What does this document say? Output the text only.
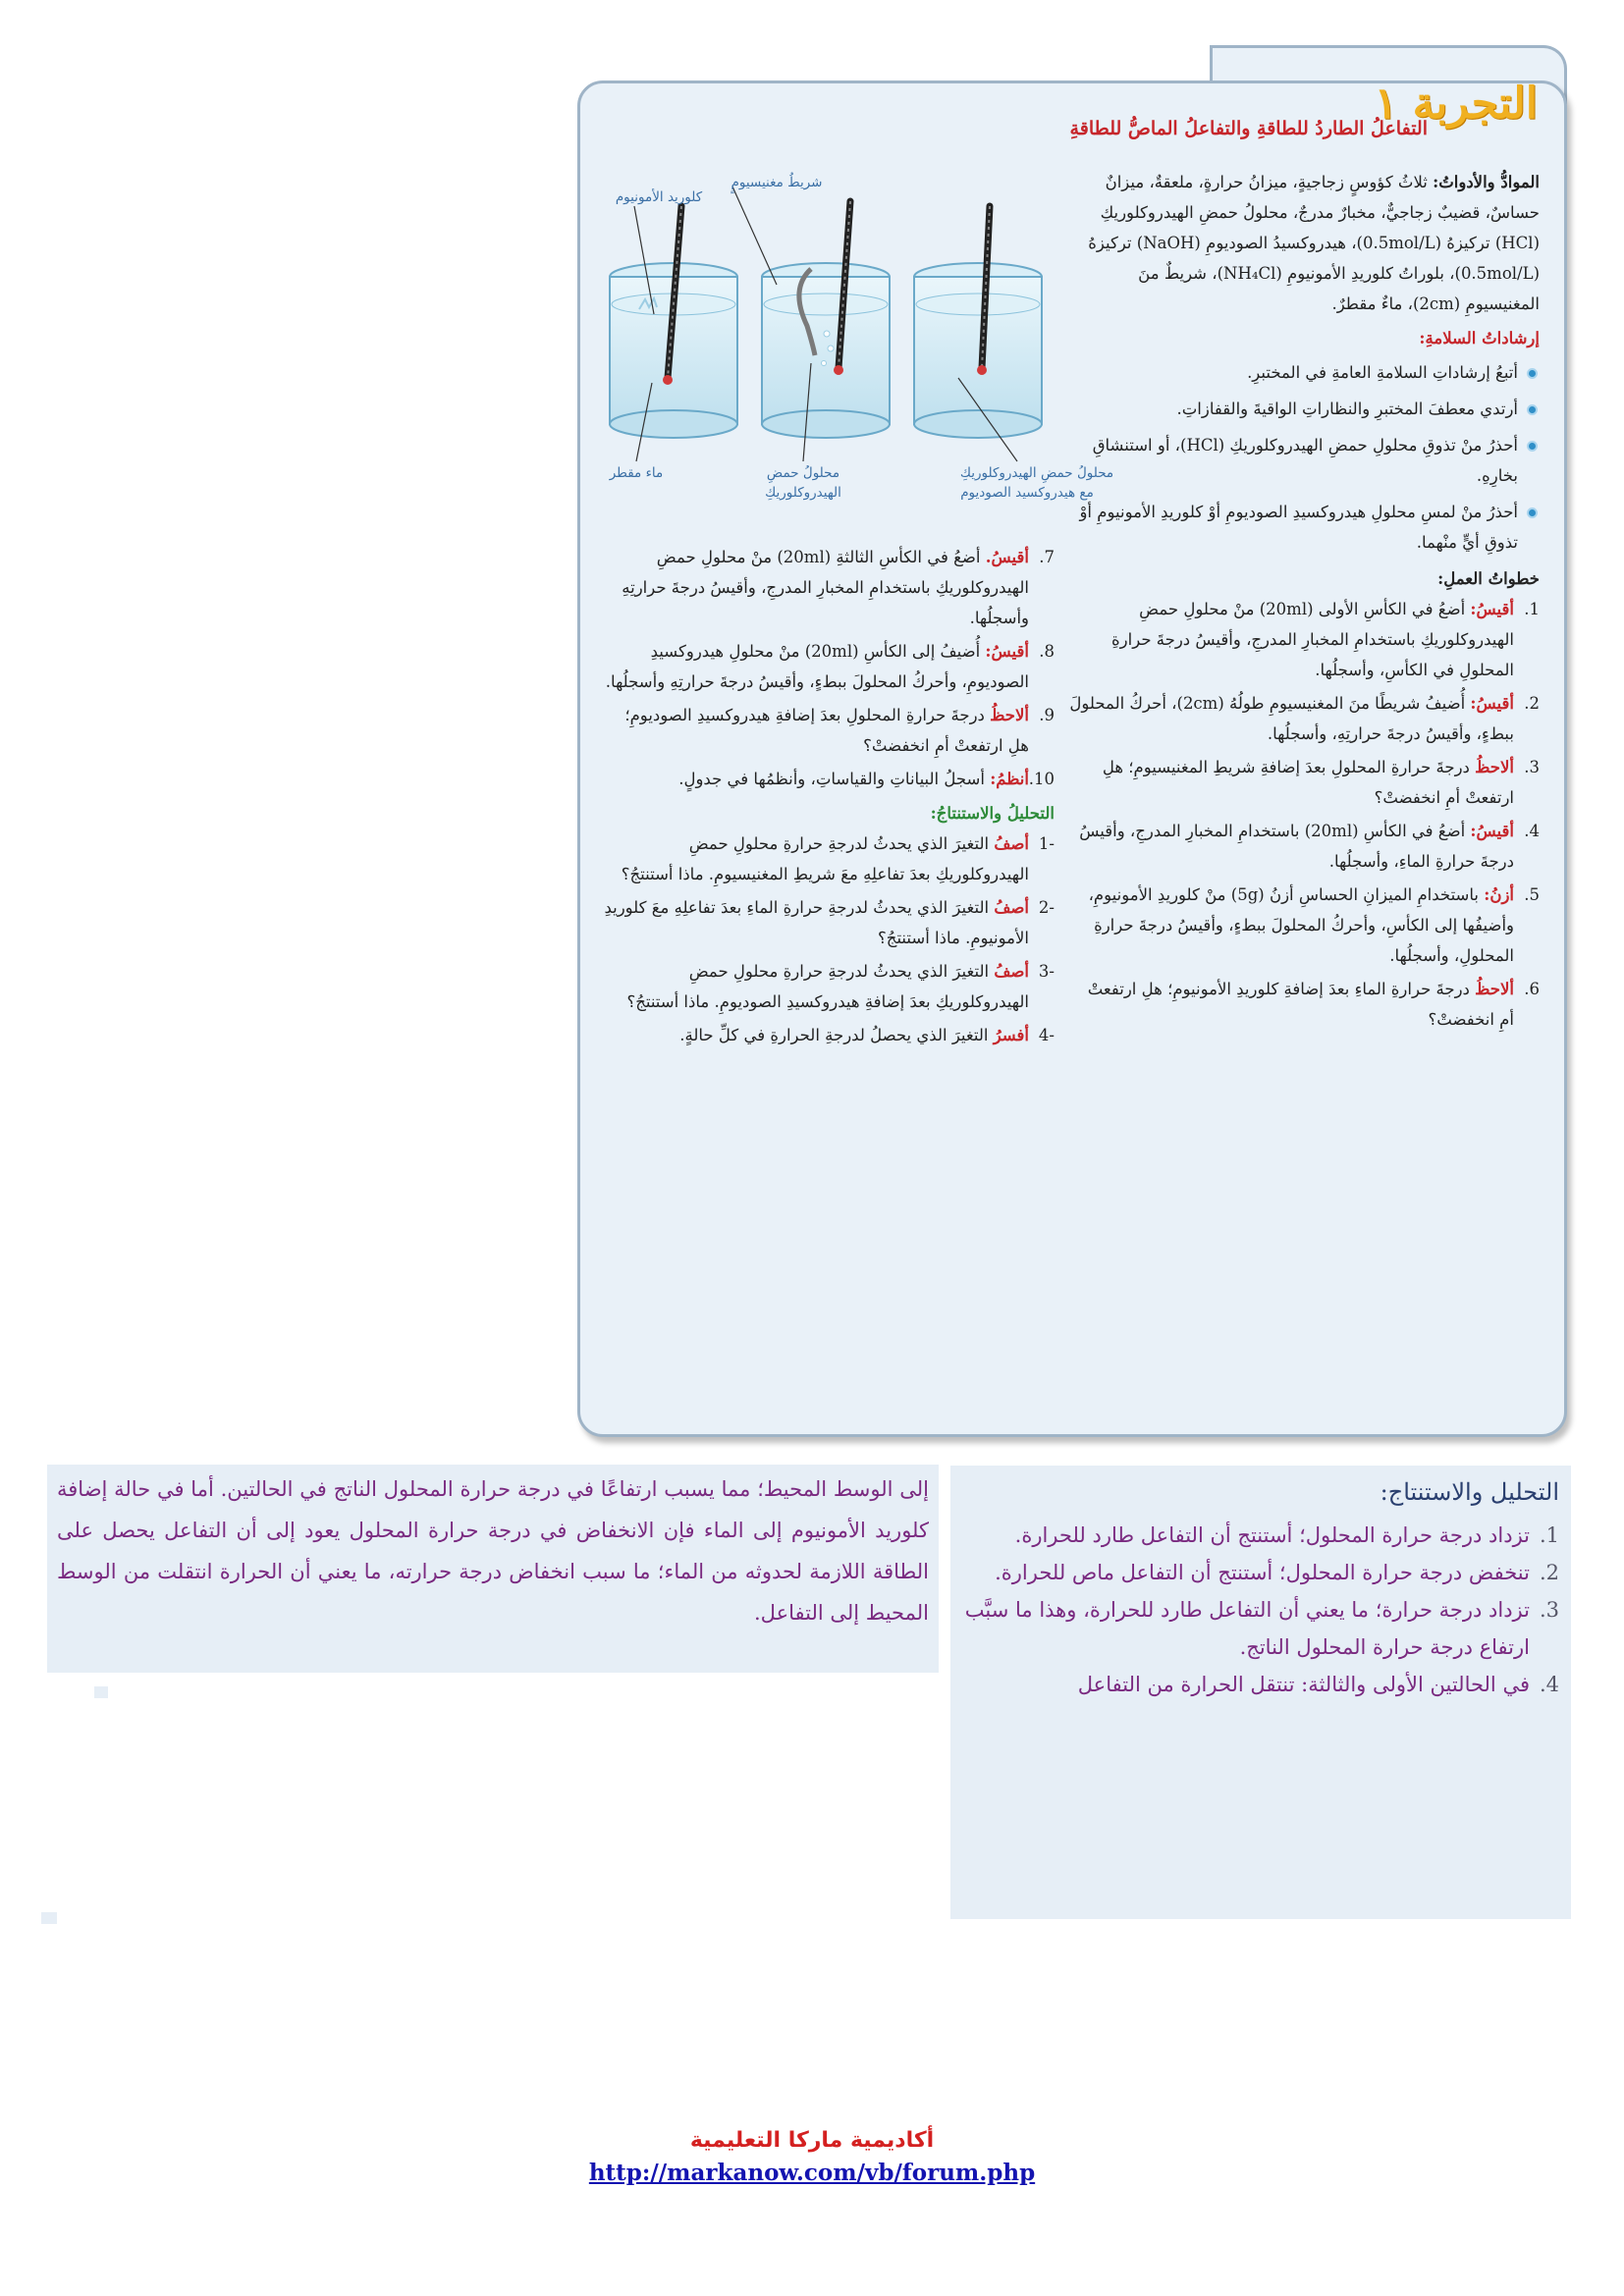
التجربة ١
التفاعلُ الطاردُ للطاقةِ والتفاعلُ الماصُّ للطاقةِ
كلوريد الأمونيوم
شريطُ مغنيسيومٍ
ماء مقطر	محلولُ حمضِ
الهيدروكلوريكِ
محلولُ حمضِ الهيدروكلوريكِ
مع هيدروكسيد الصوديوم
الموادُّ والأدواتُ: ثلاثُ كؤوسٍ زجاجيةٍ، ميزانُ حرارةٍ، ملعقةٌ، ميزانٌ حساسٌ، قضيبٌ زجاجيٌّ، مخبارٌ مدرجٌ، محلولُ حمضِ الهيدروكلوريكِ (HCl) تركيزهُ (0.5mol/L)، هيدروكسيدُ الصوديومِ (NaOH) تركيزهُ (0.5mol/L)، بلوراتُ كلوريدِ الأمونيومِ (NH₄Cl)، شريطٌ منَ المغنيسيومِ (2cm)، ماءٌ مقطرٌ.
إرشاداتُ السلامةِ:
أتبعُ إرشاداتِ السلامةِ العامةِ في المختبرِ.
أرتدي معطفَ المختبرِ والنظاراتِ الواقيةَ والقفازاتِ.
أحذرُ منْ تذوقِ محلولِ حمضِ الهيدروكلوريكِ (HCl)، أو استنشاقِ بخارِهِ.
أحذرُ منْ لمسِ محلولِ هيدروكسيدِ الصوديومِ أوْ كلوريدِ الأمونيومِ أوْ تذوقِ أيٍّ منْهما.
خطواتُ العملِ:
1.
أقيسُ: أضعُ في الكأسِ الأولى (20ml) منْ محلولِ حمضِ الهيدروكلوريكِ باستخدامِ المخبارِ المدرجِ، وأقيسُ درجةَ حرارةِ المحلولِ في الكأسِ، وأسجلُها.
2.
أقيسُ: أُضيفُ شريطًا منَ المغنيسيومِ طولُهُ (2cm)، أحركُ المحلولَ ببطءٍ، وأقيسُ درجةَ حرارتِهِ، وأسجلُها.
3.
ألاحظُ درجةَ حرارةِ المحلولِ بعدَ إضافةِ شريطِ المغنيسيومِ؛ هلِ ارتفعتْ أمِ انخفضتْ؟
4.
أقيسُ: أضعُ في الكأسِ (20ml) باستخدامِ المخبارِ المدرجِ، وأقيسُ درجةَ حرارةِ الماءِ، وأسجلُها.
5.
أزنُ: باستخدامِ الميزانِ الحساسِ أزنُ (5g) منْ كلوريدِ الأمونيومِ، وأضيفُها إلى الكأسِ، وأحركُ المحلولَ ببطءٍ، وأقيسُ درجةَ حرارةِ المحلولِ، وأسجلُها.
6.
ألاحظُ درجةَ حرارةِ الماءِ بعدَ إضافةِ كلوريدِ الأمونيومِ؛ هلِ ارتفعتْ أمِ انخفضتْ؟
7.
أقيسُ. أضعُ في الكأسِ الثالثةِ (20ml) منْ محلولِ حمضِ الهيدروكلوريكِ باستخدامِ المخبارِ المدرجِ، وأقيسُ درجةَ حرارتِهِ وأسجلُها.
8.
أقيسُ: أُضيفُ إلى الكأسِ (20ml) منْ محلولِ هيدروكسيدِ الصوديومِ، وأحركُ المحلولَ ببطءٍ، وأقيسُ درجةَ حرارتِهِ وأسجلُها.
9.
ألاحظُ درجةَ حرارةِ المحلولِ بعدَ إضافةِ هيدروكسيدِ الصوديومِ؛ هلِ ارتفعتْ أمِ انخفضتْ؟
10.
أنظمُ: أسجلُ البياناتِ والقياساتِ، وأنظمُها في جدولٍ.
التحليلُ والاستنتاجُ:
-1
أصفُ التغيرَ الذي يحدثُ لدرجةِ حرارةِ محلولِ حمضِ الهيدروكلوريكِ بعدَ تفاعلِهِ معَ شريطِ المغنيسيومِ. ماذا أستنتجُ؟
-2
أصفُ التغيرَ الذي يحدثُ لدرجةِ حرارةِ الماءِ بعدَ تفاعلِهِ معَ كلوريدِ الأمونيومِ. ماذا أستنتجُ؟
-3
أصفُ التغيرَ الذي يحدثُ لدرجةِ حرارةِ محلولِ حمضِ الهيدروكلوريكِ بعدَ إضافةِ هيدروكسيدِ الصوديومِ. ماذا أستنتجُ؟
-4
أفسرُ التغيرَ الذي يحصلُ لدرجةِ الحرارةِ في كلِّ حالةٍ.
التحليل والاستنتاج:
1.
تزداد درجة حرارة المحلول؛ أستنتج أن التفاعل طارد للحرارة.
2.
تنخفض درجة حرارة المحلول؛ أستنتج أن التفاعل ماص للحرارة.
3.
تزداد درجة حرارة؛ ما يعني أن التفاعل طارد للحرارة، وهذا ما سبَّب ارتفاع درجة حرارة المحلول الناتج.
4.
في الحالتين الأولى والثالثة: تنتقل الحرارة من التفاعل
إلى الوسط المحيط؛ مما يسبب ارتفاعًا في درجة حرارة المحلول الناتج في الحالتين. أما في حالة إضافة كلوريد الأمونيوم إلى الماء فإن الانخفاض في درجة حرارة المحلول يعود إلى أن التفاعل يحصل على الطاقة اللازمة لحدوثه من الماء؛ ما سبب انخفاض درجة حرارته، ما يعني أن الحرارة انتقلت من الوسط المحيط إلى التفاعل.
أكاديمية ماركا التعليمية
http://markanow.com/vb/forum.php
